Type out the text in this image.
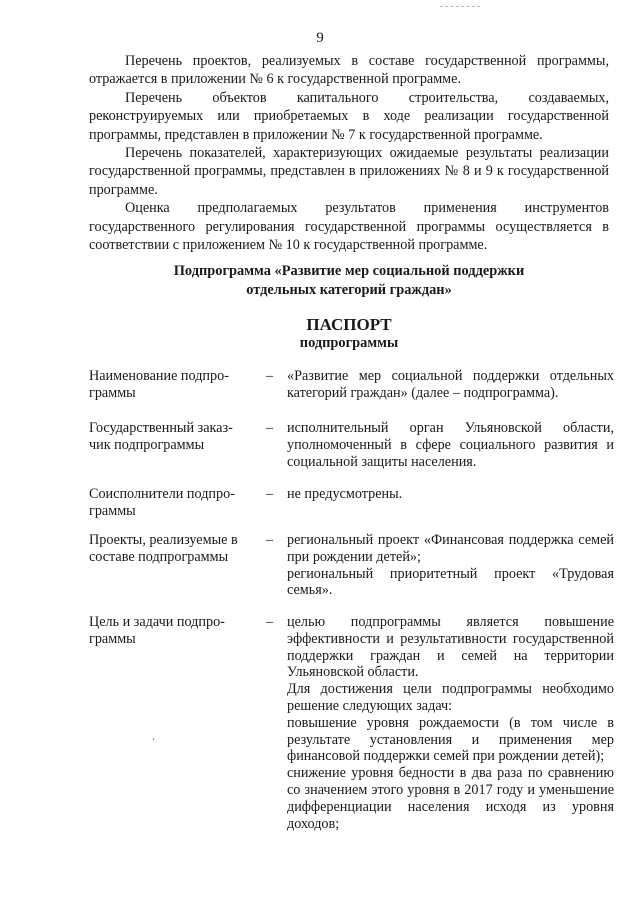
9

Перечень проектов, реализуемых в составе государственной программы, отражается в приложении № 6 к государственной программе.

Перечень объектов капитального строительства, создаваемых, реконструируемых или приобретаемых в ходе реализации государственной программы, представлен в приложении № 7 к государственной программе.

Перечень показателей, характеризующих ожидаемые результаты реализации государственной программы, представлен в приложениях № 8 и 9 к государственной программе.

Оценка предполагаемых результатов применения инструментов государственного регулирования государственной программы осуществляется в соответствии с приложением № 10 к государственной программе.

Подпрограмма «Развитие мер социальной поддержки
отдельных категорий граждан»
ПАСПОРТ
подпрограммы
Наименование подпро-граммы
– «Развитие мер социальной поддержки отдельных категорий граждан» (далее – подпрограмма).

Государственный заказ-чик подпрограммы
– исполнительный орган Ульяновской области, уполномоченный в сфере социального развития и социальной защиты населения.

Соисполнители подпро-граммы
– не предусмотрены.

Проекты, реализуемые в составе подпрограммы
– региональный проект «Финансовая поддержка семей при рождении детей»;

региональный приоритетный проект «Трудовая семья».

Цель и задачи подпро-граммы
– целью подпрограммы является повышение эффективности и результативности государственной поддержки граждан и семей на территории Ульяновской области.

Для достижения цели подпрограммы необходимо решение следующих задач:

повышение уровня рождаемости (в том числе в результате установления и применения мер финансовой поддержки семей при рождении детей);

снижение уровня бедности в два раза по сравнению со значением этого уровня в 2017 году и уменьшение дифференциации населения исходя из уровня доходов;

ʻ
